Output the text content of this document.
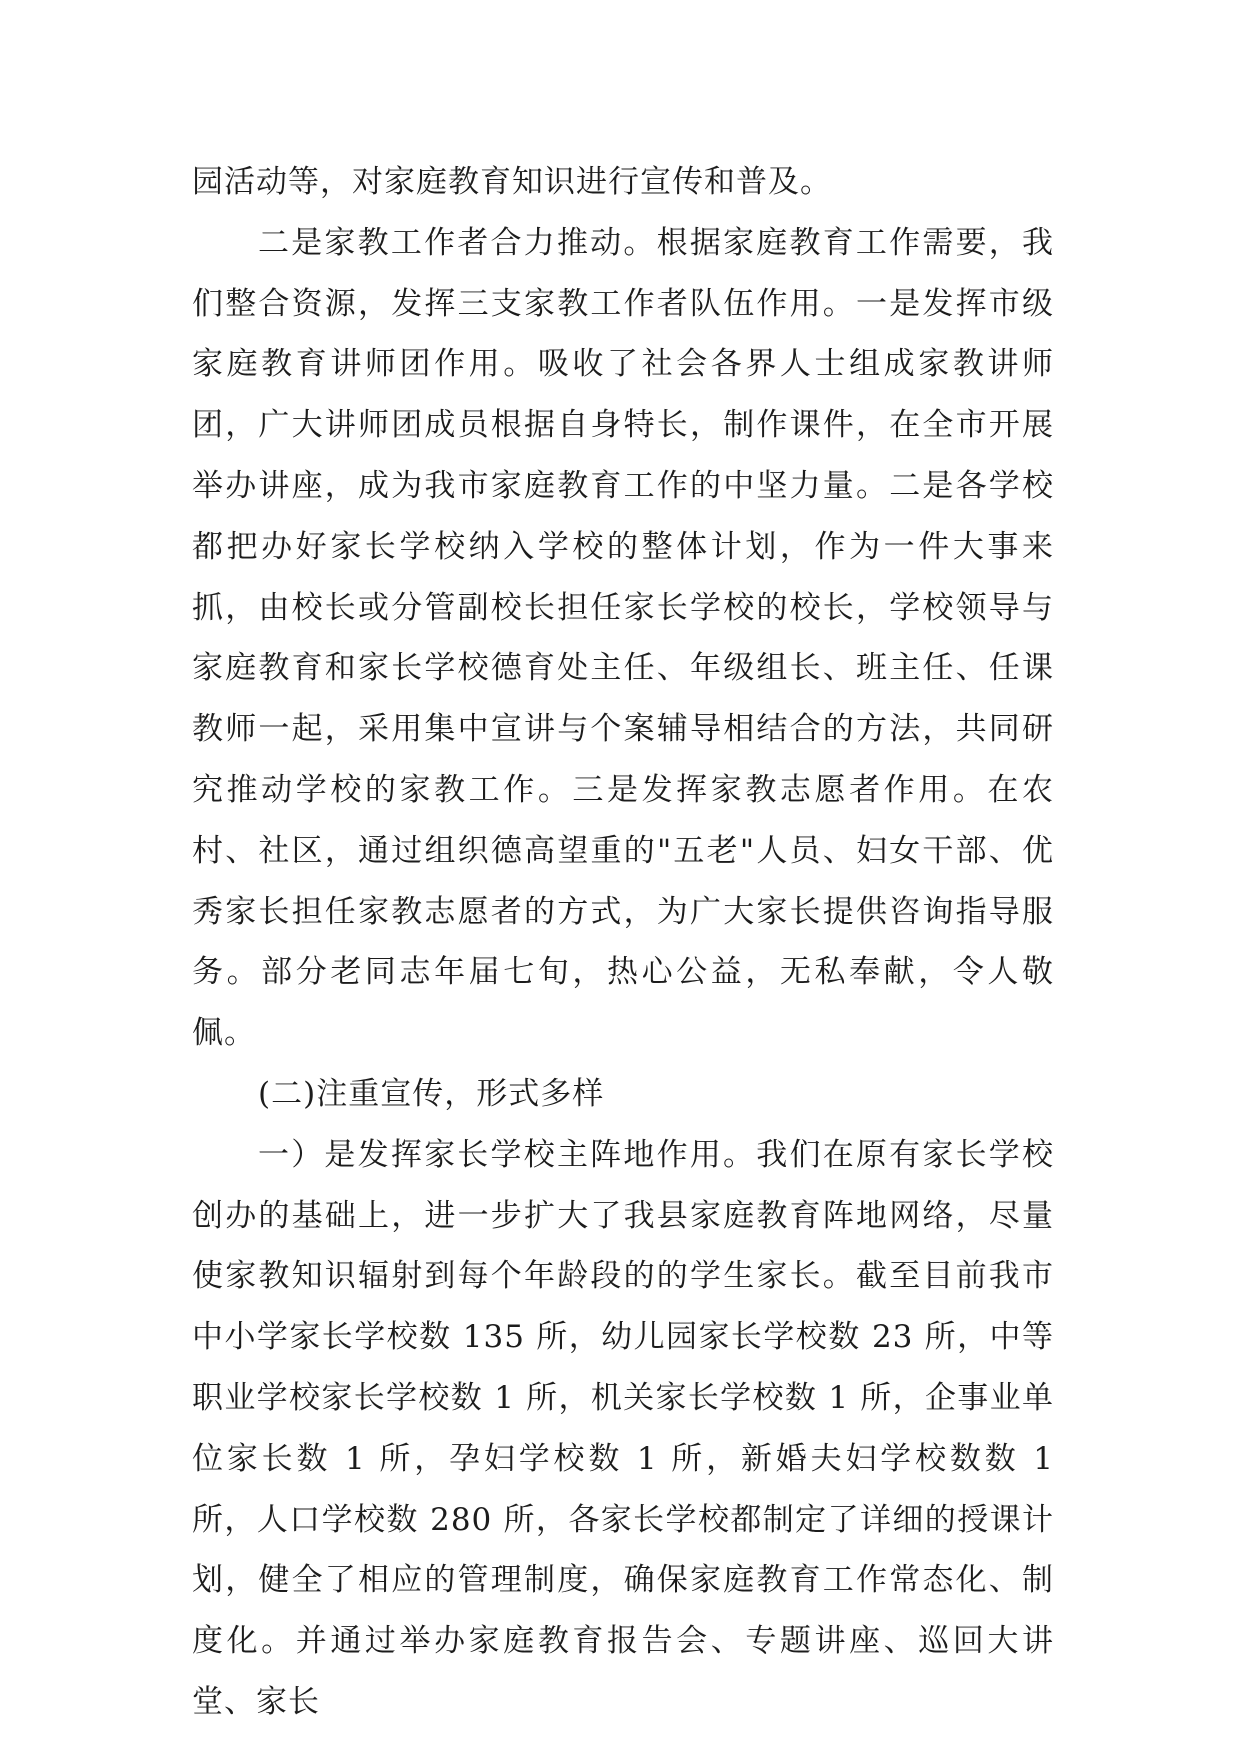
园活动等，对家庭教育知识进行宣传和普及。

二是家教工作者合力推动。根据家庭教育工作需要，我们整合资源，发挥三支家教工作者队伍作用。一是发挥市级家庭教育讲师团作用。吸收了社会各界人士组成家教讲师团，广大讲师团成员根据自身特长，制作课件，在全市开展举办讲座，成为我市家庭教育工作的中坚力量。二是各学校都把办好家长学校纳入学校的整体计划，作为一件大事来抓，由校长或分管副校长担任家长学校的校长，学校领导与家庭教育和家长学校德育处主任、年级组长、班主任、任课教师一起，采用集中宣讲与个案辅导相结合的方法，共同研究推动学校的家教工作。三是发挥家教志愿者作用。在农村、社区，通过组织德高望重的"五老"人员、妇女干部、优秀家长担任家教志愿者的方式，为广大家长提供咨询指导服务。部分老同志年届七旬，热心公益，无私奉献，令人敬佩。

(二)注重宣传，形式多样

一）是发挥家长学校主阵地作用。我们在原有家长学校创办的基础上，进一步扩大了我县家庭教育阵地网络，尽量使家教知识辐射到每个年龄段的的学生家长。截至目前我市中小学家长学校数 135 所，幼儿园家长学校数 23 所，中等职业学校家长学校数 1 所，机关家长学校数 1 所，企事业单位家长数 1 所，孕妇学校数 1 所，新婚夫妇学校数数 1 所，人口学校数 280 所，各家长学校都制定了详细的授课计划，健全了相应的管理制度，确保家庭教育工作常态化、制度化。并通过举办家庭教育报告会、专题讲座、巡回大讲堂、家长
